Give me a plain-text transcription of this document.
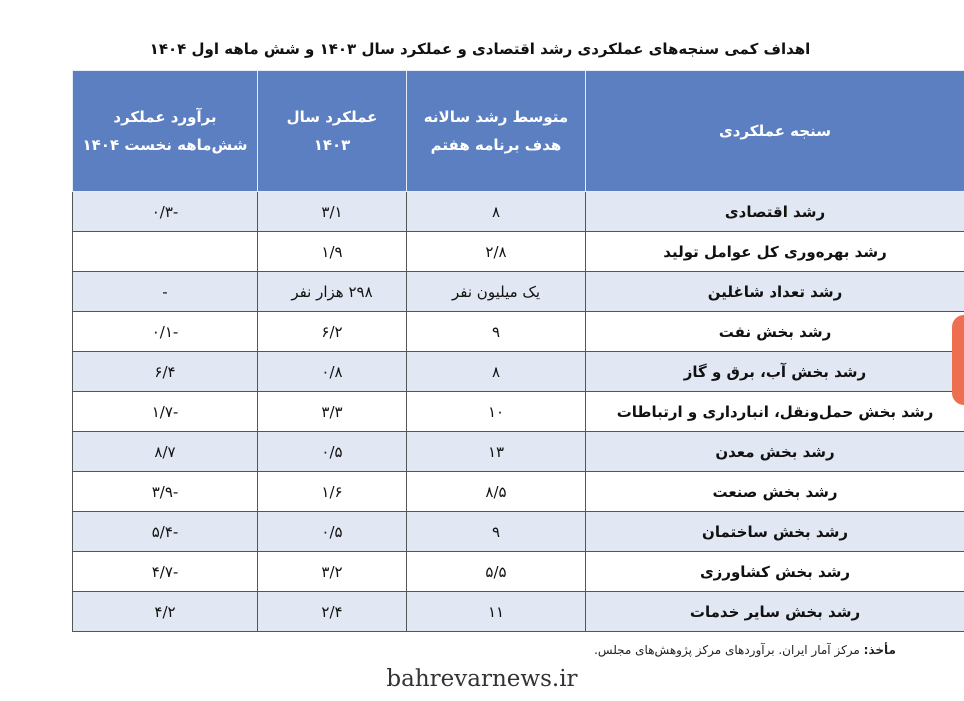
اهداف کمی سنجه‌های عملکردی رشد اقتصادی و عملکرد سال ۱۴۰۳ و شش ماهه اول ۱۴۰۴
سنجه عملکردی	متوسط رشد سالانه هدف برنامه هفتم	عملکرد سال ۱۴۰۳	برآورد عملکرد شش‌ماهه نخست ۱۴۰۴
رشد اقتصادی	۸	۳/۱	-۰/۳
رشد بهره‌وری کل عوامل تولید	۲/۸	۱/۹	
رشد تعداد شاغلین	یک میلیون نفر	۲۹۸ هزار نفر	-
رشد بخش نفت	۹	۶/۲	-۰/۱
رشد بخش آب، برق و گاز	۸	۰/۸	۶/۴
رشد بخش حمل‌ونقل، انبارداری و ارتباطات	۱۰	۳/۳	-۱/۷
رشد بخش معدن	۱۳	۰/۵	۸/۷
رشد بخش صنعت	۸/۵	۱/۶	-۳/۹
رشد بخش ساختمان	۹	۰/۵	-۵/۴
رشد بخش کشاورزی	۵/۵	۳/۲	-۴/۷
رشد بخش سایر خدمات	۱۱	۲/۴	۴/۲
مأخذ: مرکز آمار ایران. برآوردهای مرکز پژوهش‌های مجلس.
bahrevarnews.ir
